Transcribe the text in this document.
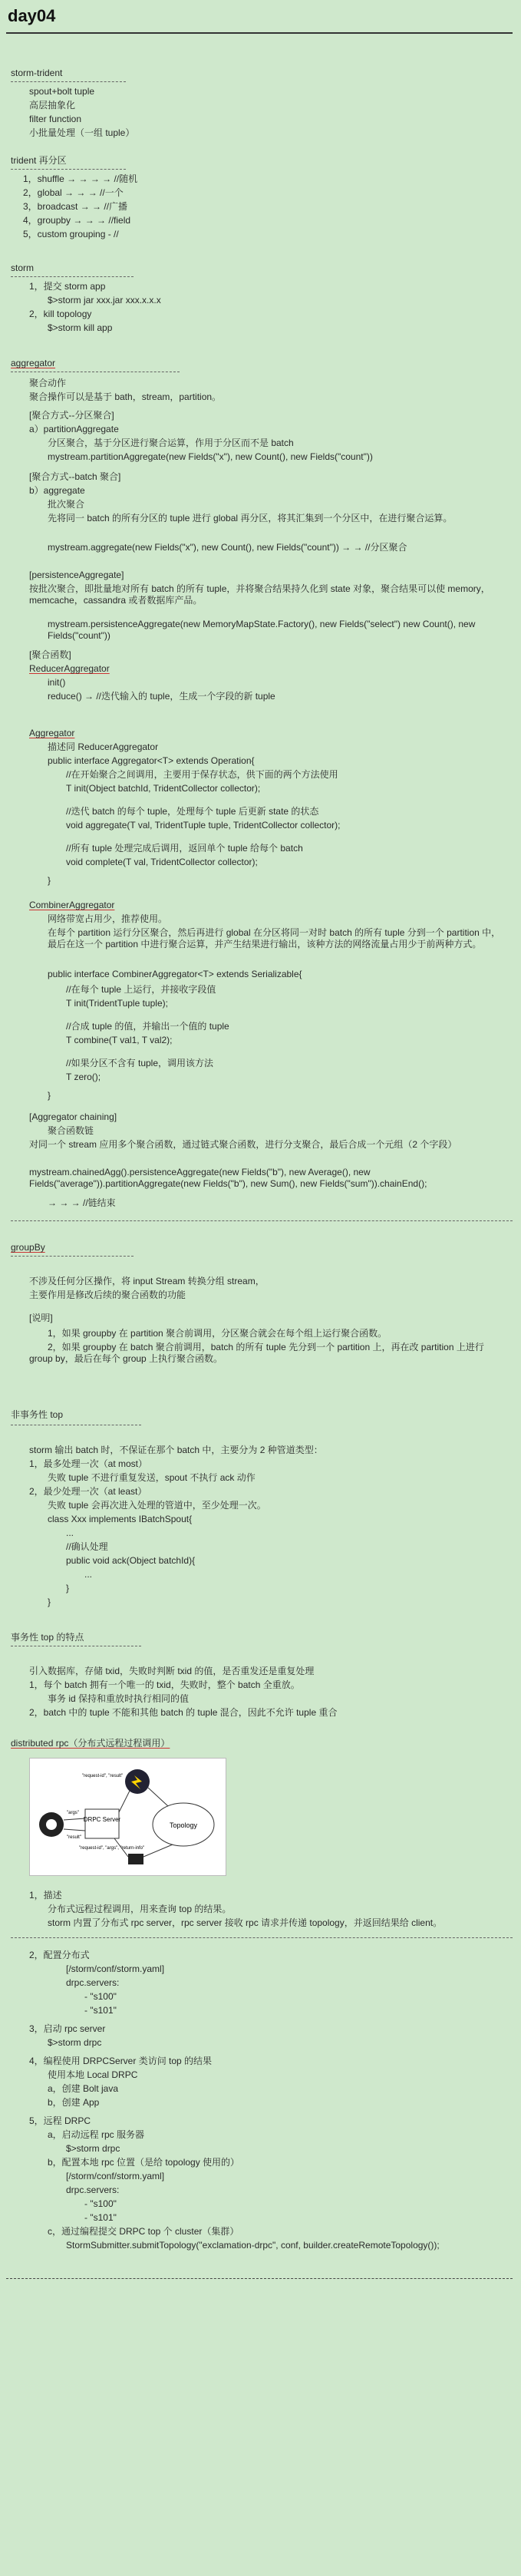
day04
storm-trident
spout+bolt tuple
高层抽象化
filter function
小批量处理（一组 tuple）
trident 再分区
1，shuffle → → → → //随机
2，global → → → //一个
3，broadcast → → //广播
4，groupby → → → //field
5，custom grouping - //
storm
1，提交 storm app
$>storm jar xxx.jar xxx.x.x.x
2，kill topology
$>storm kill app
aggregator
聚合动作
聚合操作可以是基于 bath，stream，partition。
[聚合方式--分区聚合]
a）partitionAggregate
分区聚合，基于分区进行聚合运算，作用于分区而不是 batch
mystream.partitionAggregate(new Fields("x"), new Count(), new Fields("count"))
[聚合方式--batch 聚合]
b）aggregate
批次聚合
先将同一 batch 的所有分区的 tuple 进行 global 再分区，将其汇集到一个分区中，在进行聚合运算。
mystream.aggregate(new Fields("x"), new Count(), new Fields("count")) → → //分区聚合
[persistenceAggregate]
按批次聚合，即批量地对所有 batch 的所有 tuple，并将聚合结果持久化到 state 对象，聚合结果可以使 memory，memcache，cassandra 或者数据库产品。
mystream.persistenceAggregate(new MemoryMapState.Factory(), new Fields("select") new Count(), new Fields("count"))
[聚合函数]
ReducerAggregator
init()
reduce() → //迭代输入的 tuple，生成一个字段的新 tuple
Aggregator
描述同 ReducerAggregator
public interface Aggregator<T> extends Operation{
//在开始聚合之间调用，主要用于保存状态，供下面的两个方法使用
T init(Object batchId, TridentCollector collector);
//迭代 batch 的每个 tuple，处理每个 tuple 后更新 state 的状态
void aggregate(T val, TridentTuple tuple, TridentCollector collector);
//所有 tuple 处理完成后调用，返回单个 tuple 给每个 batch
void complete(T val, TridentCollector collector);
}
CombinerAggregator
网络带宽占用少，推荐使用。
在每个 partition 运行分区聚合，然后再进行 global 在分区将同一对时 batch 的所有 tuple 分到一个 partition 中，最后在这一个 partition 中进行聚合运算，并产生结果进行输出，该种方法的网络流量占用少于前两种方式。
public interface CombinerAggregator<T> extends Serializable{
//在每个 tuple 上运行，并接收字段值
T init(TridentTuple tuple);
//合成 tuple 的值，并输出一个值的 tuple
T combine(T val1, T val2);
//如果分区不含有 tuple，调用该方法
T zero();
}
[Aggregator chaining]
聚合函数链
对同一个 stream 应用多个聚合函数，通过链式聚合函数，进行分支聚合，最后合成一个元组（2 个字段）
mystream.chainedAgg().persistenceAggregate(new Fields("b"), new Average(), new Fields("average")).partitionAggregate(new Fields("b"), new Sum(), new Fields("sum")).chainEnd();
→ → → //链结束
groupBy
不涉及任何分区操作，将 input Stream 转换分组 stream，
主要作用是修改后续的聚合函数的功能
[说明]
1，如果 groupby 在 partition 聚合前调用，分区聚合就会在每个组上运行聚合函数。
2，如果 groupby 在 batch 聚合前调用，batch 的所有 tuple 先分到一个 partition 上，再在改 partition 上进行 group by，最后在每个 group 上执行聚合函数。
非事务性 top
storm 输出 batch 时，不保证在那个 batch 中，主要分为 2 种管道类型：
1，最多处理一次（at most）
失败 tuple 不进行重复发送，spout 不执行 ack 动作
2，最少处理一次（at least）
失败 tuple 会再次进入处理的管道中，至少处理一次。
class Xxx implements IBatchSpout{
...
//确认处理
public void ack(Object batchId){
...
}
}
事务性 top 的特点
引入数据库，存储 txid，失败时判断 txid 的值，是否重发还是重复处理
1，每个 batch 拥有一个唯一的 txid，失败时，整个 batch 全重放。
事务 id 保持和重放时执行相同的值
2，batch 中的 tuple 不能和其他 batch 的 tuple 混合，因此不允许 tuple 重合
distributed rpc（分布式远程过程调用）
DRPC Server
Topology
"request-id", "result"
"args"
"result"
"request-id", "args", "return-info"
1，描述
分布式远程过程调用，用来查询 top 的结果。
storm 内置了分布式 rpc server，rpc server 接收 rpc 请求并传递 topology，并返回结果给 client。
2，配置分布式
[/storm/conf/storm.yaml]
drpc.servers:
- "s100"
- "s101"
3，启动 rpc server
$>storm drpc
4，编程使用 DRPCServer 类访问 top 的结果
使用本地 Local DRPC
a，创建 Bolt java
b，创建 App
5，远程 DRPC
a，启动远程 rpc 服务器
$>storm drpc
b，配置本地 rpc 位置（是给 topology 使用的）
[/storm/conf/storm.yaml]
drpc.servers:
- "s100"
- "s101"
c，通过编程提交 DRPC top 个 cluster（集群）
StormSubmitter.submitTopology("exclamation-drpc", conf, builder.createRemoteTopology());
